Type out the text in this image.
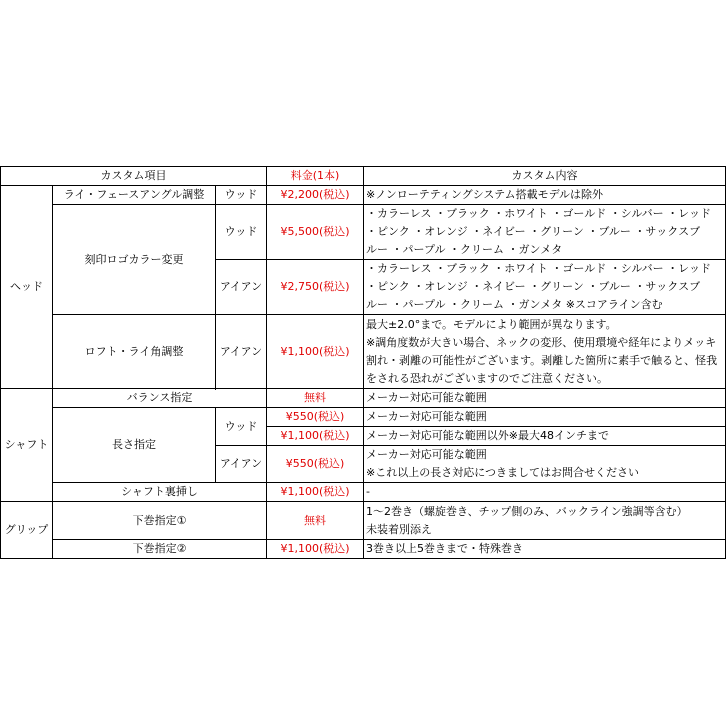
カスタム項目			料金(1本)	カスタム内容
ヘッド	ライ・フェースアングル調整	ウッド	¥2,200(税込)	※ノンローテティングシステム搭載モデルは除外
	刻印ロゴカラー変更	ウッド	¥5,500(税込)	・カラーレス ・ブラック ・ホワイト ・ゴールド ・シルバー ・レッド
・ピンク ・オレンジ ・ネイビー ・グリーン ・ブルー ・サックスブ
ルー ・パープル ・クリーム ・ガンメタ

		アイアン	¥2,750(税込)	・カラーレス ・ブラック ・ホワイト ・ゴールド ・シルバー ・レッド
・ピンク ・オレンジ ・ネイビー ・グリーン ・ブルー ・サックスブ
ルー ・パープル ・クリーム ・ガンメタ ※スコアライン含む

	ロフト・ライ角調整	アイアン	¥1,100(税込)	最大±2.0°まで。モデルにより範囲が異なります。
※調角度数が大きい場合、ネックの変形、使用環境や経年によりメッキ
割れ・剥離の可能性がございます。剥離した箇所に素手で触ると、怪我
をされる恐れがございますのでご注意ください。

シャフト	バランス指定		無料	メーカー対応可能な範囲
	長さ指定	ウッド	¥550(税込)	メーカー対応可能な範囲
			¥1,100(税込)	メーカー対応可能な範囲以外※最大48インチまで
		アイアン	¥550(税込)	メーカー対応可能な範囲
※これ以上の長さ対応につきましてはお問合せください

	シャフト裏挿し		¥1,100(税込)	-
グリップ	下巻指定①		無料	1～2巻き（螺旋巻き、チップ側のみ、バックライン強調等含む）
未装着別添え

	下巻指定②		¥1,100(税込)	3巻き以上5巻きまで・特殊巻き
